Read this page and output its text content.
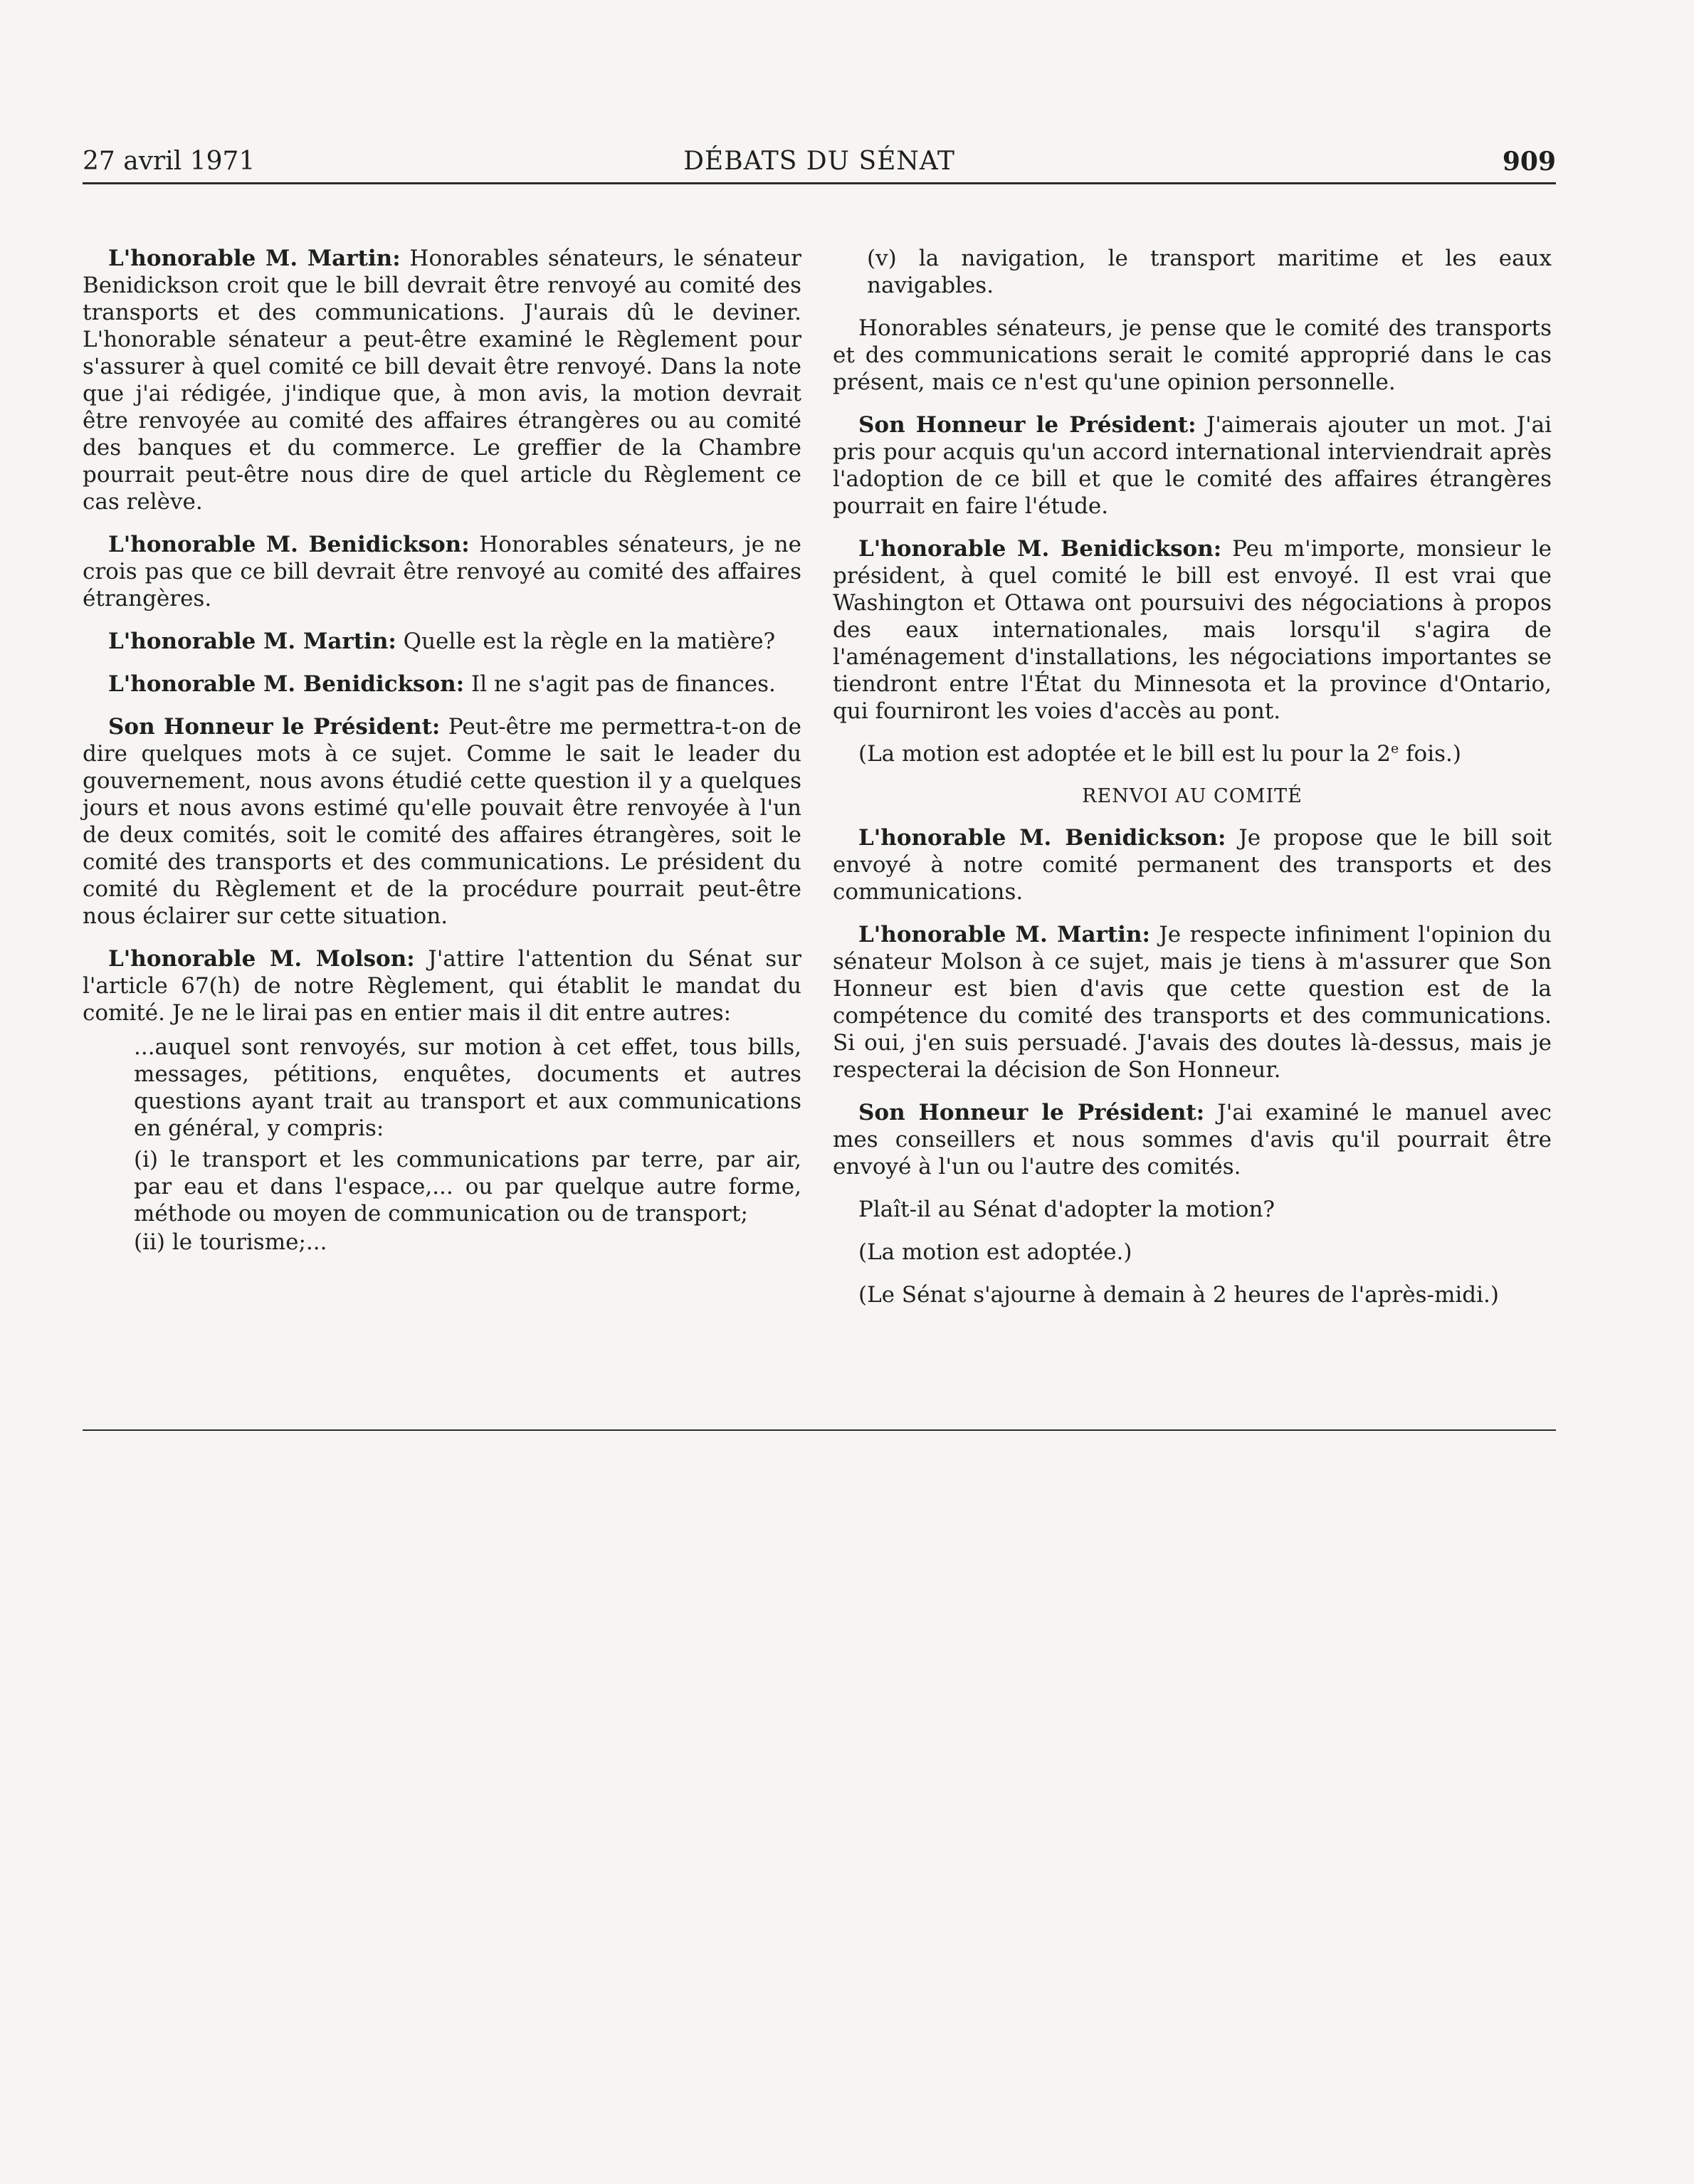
27 avril 1971	DÉBATS DU SÉNAT	909

L'honorable M. Martin: Honorables sénateurs, le sénateur Benidickson croit que le bill devrait être renvoyé au comité des transports et des communications. J'aurais dû le deviner. L'honorable sénateur a peut-être examiné le Règlement pour s'assurer à quel comité ce bill devait être renvoyé. Dans la note que j'ai rédigée, j'indique que, à mon avis, la motion devrait être renvoyée au comité des affaires étrangères ou au comité des banques et du commerce. Le greffier de la Chambre pourrait peut-être nous dire de quel article du Règlement ce cas relève.

L'honorable M. Benidickson: Honorables sénateurs, je ne crois pas que ce bill devrait être renvoyé au comité des affaires étrangères.

L'honorable M. Martin: Quelle est la règle en la matière?

L'honorable M. Benidickson: Il ne s'agit pas de finances.

Son Honneur le Président: Peut-être me permettra-t-on de dire quelques mots à ce sujet. Comme le sait le leader du gouvernement, nous avons étudié cette question il y a quelques jours et nous avons estimé qu'elle pouvait être renvoyée à l'un de deux comités, soit le comité des affaires étrangères, soit le comité des transports et des communications. Le président du comité du Règlement et de la procédure pourrait peut-être nous éclairer sur cette situation.

L'honorable M. Molson: J'attire l'attention du Sénat sur l'article 67(h) de notre Règlement, qui établit le mandat du comité. Je ne le lirai pas en entier mais il dit entre autres:

...auquel sont renvoyés, sur motion à cet effet, tous bills, messages, pétitions, enquêtes, documents et autres questions ayant trait au transport et aux communications en général, y compris:

(i) le transport et les communications par terre, par air, par eau et dans l'espace,... ou par quelque autre forme, méthode ou moyen de communication ou de transport;

(ii) le tourisme;...

(v) la navigation, le transport maritime et les eaux navigables.

Honorables sénateurs, je pense que le comité des transports et des communications serait le comité approprié dans le cas présent, mais ce n'est qu'une opinion personnelle.

Son Honneur le Président: J'aimerais ajouter un mot. J'ai pris pour acquis qu'un accord international interviendrait après l'adoption de ce bill et que le comité des affaires étrangères pourrait en faire l'étude.

L'honorable M. Benidickson: Peu m'importe, monsieur le président, à quel comité le bill est envoyé. Il est vrai que Washington et Ottawa ont poursuivi des négociations à propos des eaux internationales, mais lorsqu'il s'agira de l'aménagement d'installations, les négociations importantes se tiendront entre l'État du Minnesota et la province d'Ontario, qui fourniront les voies d'accès au pont.

(La motion est adoptée et le bill est lu pour la 2e fois.)

RENVOI AU COMITÉ

L'honorable M. Benidickson: Je propose que le bill soit envoyé à notre comité permanent des transports et des communications.

L'honorable M. Martin: Je respecte infiniment l'opinion du sénateur Molson à ce sujet, mais je tiens à m'assurer que Son Honneur est bien d'avis que cette question est de la compétence du comité des transports et des communications. Si oui, j'en suis persuadé. J'avais des doutes là-dessus, mais je respecterai la décision de Son Honneur.

Son Honneur le Président: J'ai examiné le manuel avec mes conseillers et nous sommes d'avis qu'il pourrait être envoyé à l'un ou l'autre des comités.

Plaît-il au Sénat d'adopter la motion?

(La motion est adoptée.)

(Le Sénat s'ajourne à demain à 2 heures de l'après-midi.)
